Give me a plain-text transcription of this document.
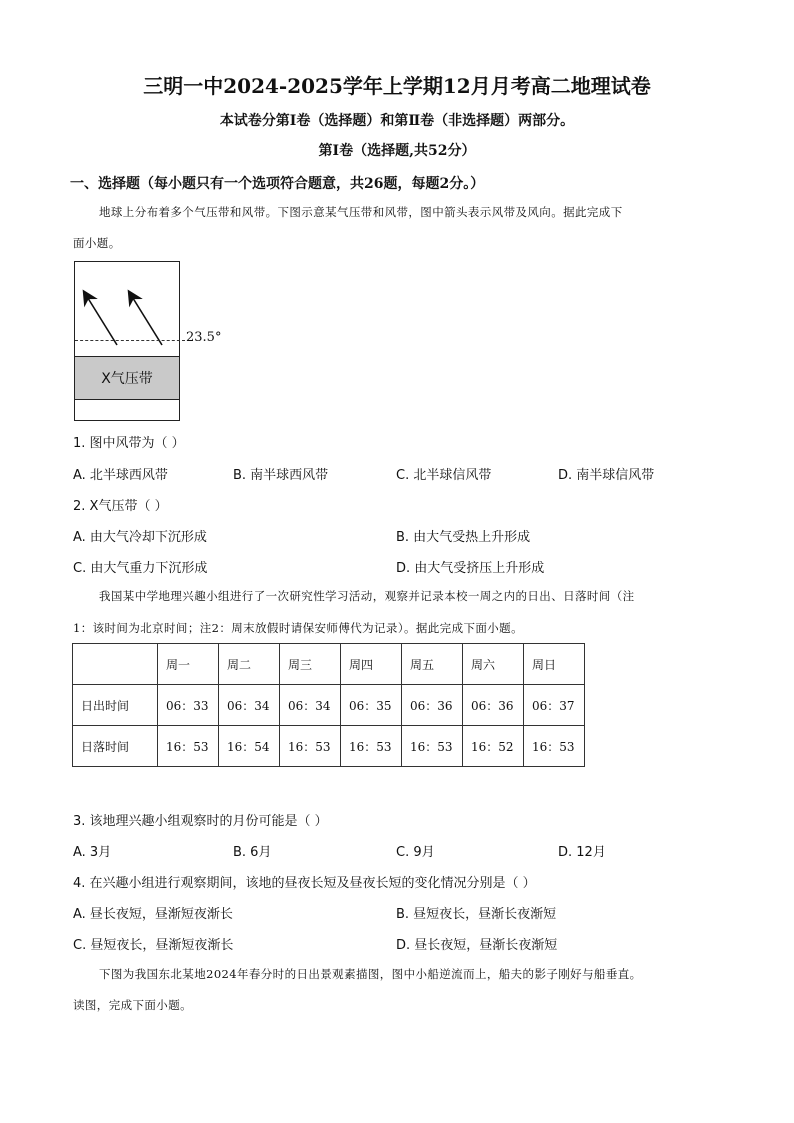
三明一中2024-2025学年上学期12月月考高二地理试卷
本试卷分第Ⅰ卷（选择题）和第Ⅱ卷（非选择题）两部分。
第Ⅰ卷（选择题,共52分）
一、选择题（每小题只有一个选项符合题意，共26题，每题2分。）
地球上分布着多个气压带和风带。下图示意某气压带和风带，图中箭头表示风带及风向。据此完成下
面小题。
X气压带
23.5°
1. 图中风带为（ ）
A. 北半球西风带	B. 南半球西风带	C. 北半球信风带	D. 南半球信风带
2. X气压带（ ）
A. 由大气冷却下沉形成	B. 由大气受热上升形成
C. 由大气重力下沉形成	D. 由大气受挤压上升形成
我国某中学地理兴趣小组进行了一次研究性学习活动，观察并记录本校一周之内的日出、日落时间（注
1：该时间为北京时间；注2：周末放假时请保安师傅代为记录）。据此完成下面小题。
	周一	周二	周三	周四	周五	周六	周日
日出时间	06：33	06：34	06：34	06：35	06：36	06：36	06：37
日落时间	16：53	16：54	16：53	16：53	16：53	16：52	16：53
3. 该地理兴趣小组观察时的月份可能是（ ）
A. 3月	B. 6月	C. 9月	D. 12月
4. 在兴趣小组进行观察期间，该地的昼夜长短及昼夜长短的变化情况分别是（ ）
A. 昼长夜短，昼渐短夜渐长	B. 昼短夜长，昼渐长夜渐短
C. 昼短夜长，昼渐短夜渐长	D. 昼长夜短，昼渐长夜渐短
下图为我国东北某地2024年春分时的日出景观素描图，图中小船逆流而上，船夫的影子刚好与船垂直。
读图，完成下面小题。
